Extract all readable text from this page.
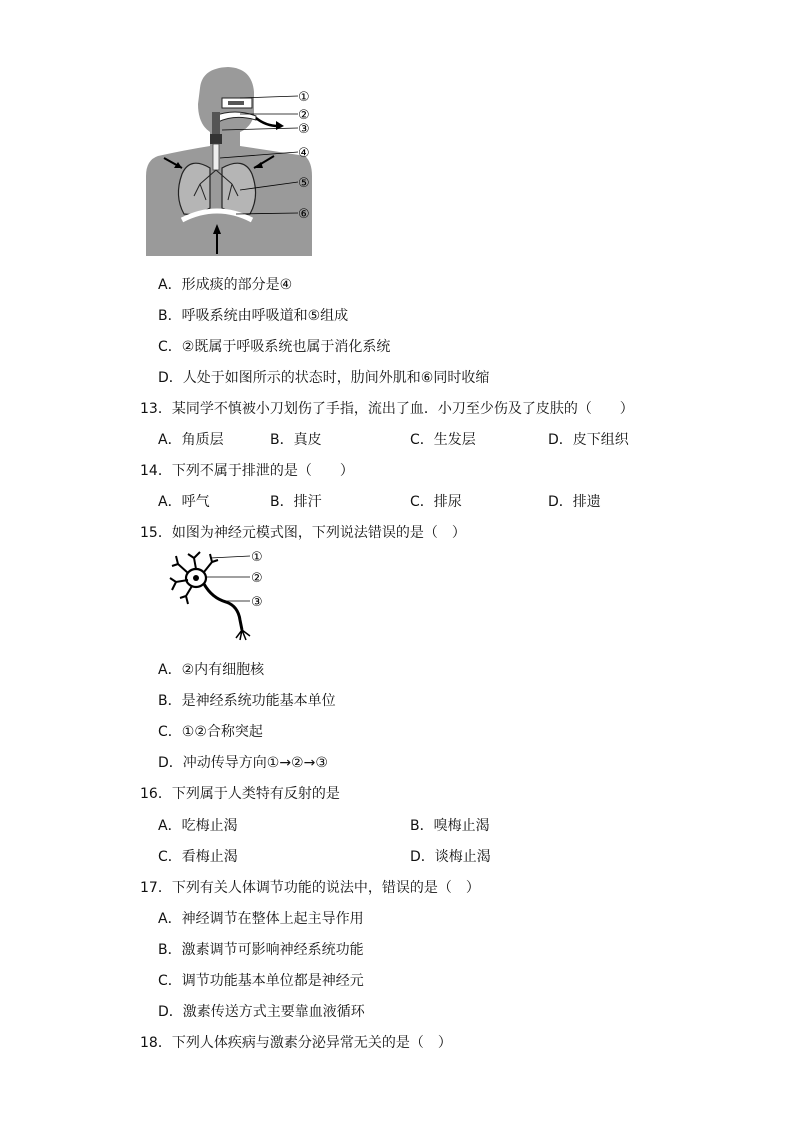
①
②
③
④
⑤
⑥
A．形成痰的部分是④
B．呼吸系统由呼吸道和⑤组成
C．②既属于呼吸系统也属于消化系统
D．人处于如图所示的状态时，肋间外肌和⑥同时收缩
13．某同学不慎被小刀划伤了手指，流出了血．小刀至少伤及了皮肤的（　　）
A．角质层	B．真皮	C．生发层	D．皮下组织
14．下列不属于排泄的是（　　）
A．呼气	B．排汗	C．排尿	D．排遗
15．如图为神经元模式图，下列说法错误的是（　）
①
②
③
A．②内有细胞核
B．是神经系统功能基本单位
C．①②合称突起
D．冲动传导方向①→②→③
16．下列属于人类特有反射的是
A．吃梅止渴	B．嗅梅止渴
C．看梅止渴	D．谈梅止渴
17．下列有关人体调节功能的说法中，错误的是（　）
A．神经调节在整体上起主导作用
B．激素调节可影响神经系统功能
C．调节功能基本单位都是神经元
D．激素传送方式主要靠血液循环
18．下列人体疾病与激素分泌异常无关的是（　）
